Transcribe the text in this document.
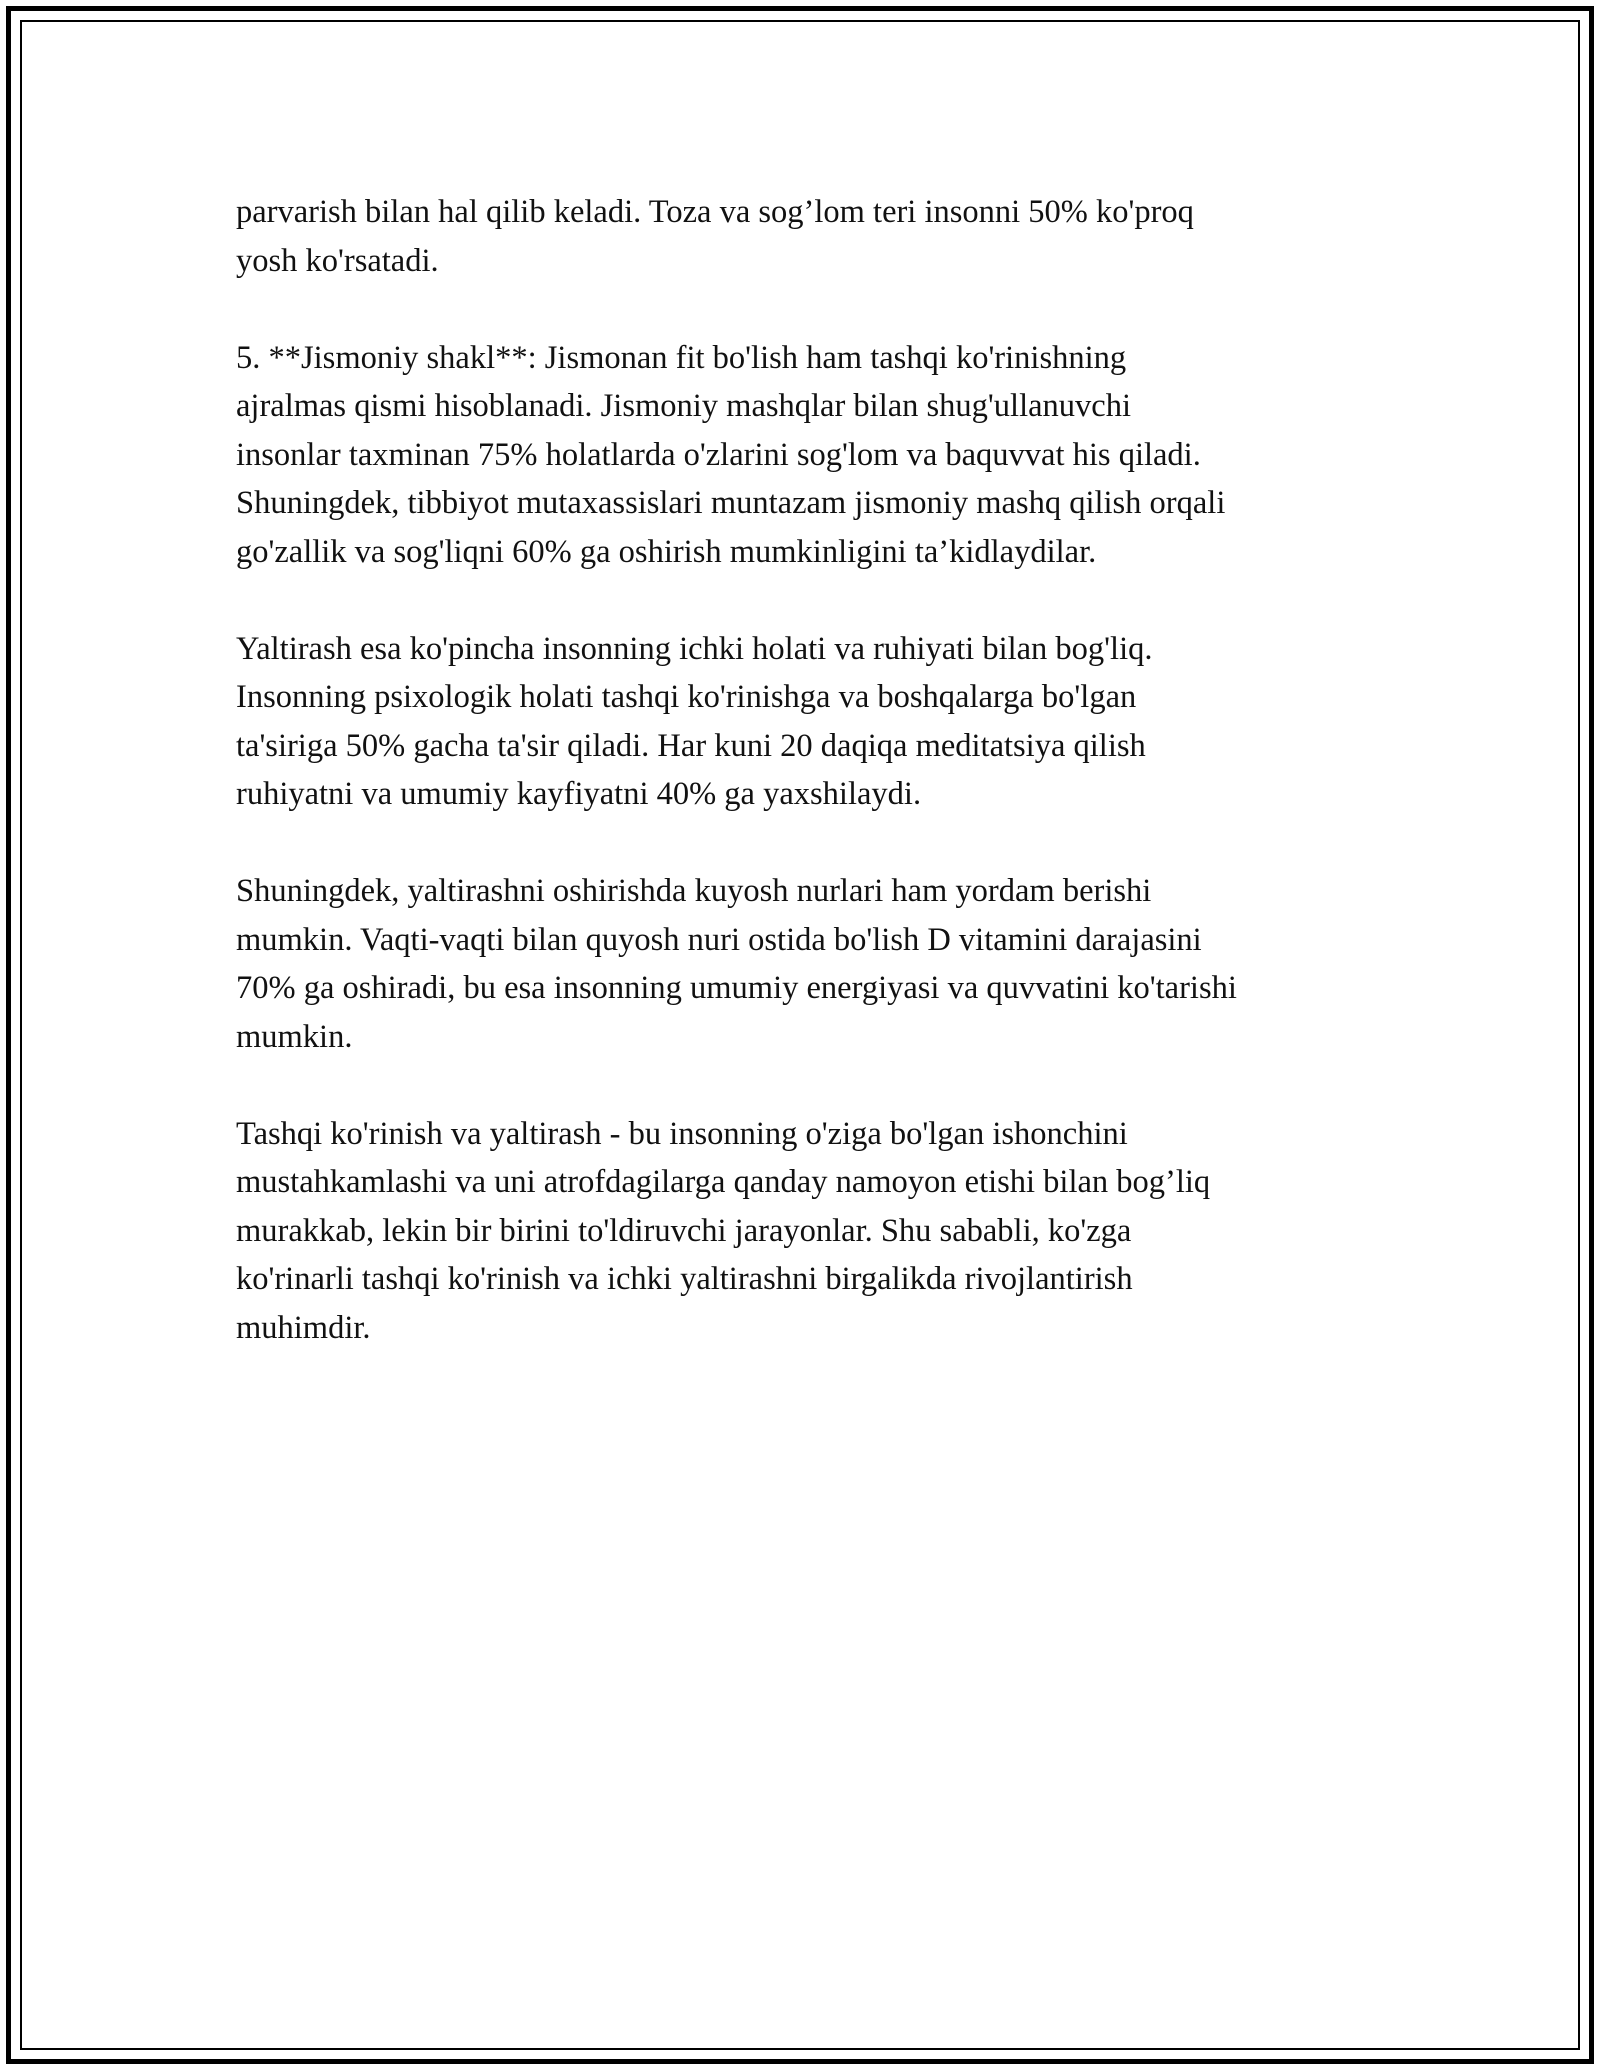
parvarish bilan hal qilib keladi. Toza va sog’lom teri insonni 50% ko'proq
yosh ko'rsatadi.

5. **Jismoniy shakl**: Jismonan fit bo'lish ham tashqi ko'rinishning
ajralmas qismi hisoblanadi. Jismoniy mashqlar bilan shug'ullanuvchi
insonlar taxminan 75% holatlarda o'zlarini sog'lom va baquvvat his qiladi.
Shuningdek, tibbiyot mutaxassislari muntazam jismoniy mashq qilish orqali
go'zallik va sog'liqni 60% ga oshirish mumkinligini ta’kidlaydilar.

Yaltirash esa ko'pincha insonning ichki holati va ruhiyati bilan bog'liq.
Insonning psixologik holati tashqi ko'rinishga va boshqalarga bo'lgan
ta'siriga 50% gacha ta'sir qiladi. Har kuni 20 daqiqa meditatsiya qilish
ruhiyatni va umumiy kayfiyatni 40% ga yaxshilaydi.

Shuningdek, yaltirashni oshirishda kuyosh nurlari ham yordam berishi
mumkin. Vaqti-vaqti bilan quyosh nuri ostida bo'lish D vitamini darajasini
70% ga oshiradi, bu esa insonning umumiy energiyasi va quvvatini ko'tarishi
mumkin.

Tashqi ko'rinish va yaltirash - bu insonning o'ziga bo'lgan ishonchini
mustahkamlashi va uni atrofdagilarga qanday namoyon etishi bilan bog’liq
murakkab, lekin bir birini to'ldiruvchi jarayonlar. Shu sababli, ko'zga
ko'rinarli tashqi ko'rinish va ichki yaltirashni birgalikda rivojlantirish
muhimdir.
